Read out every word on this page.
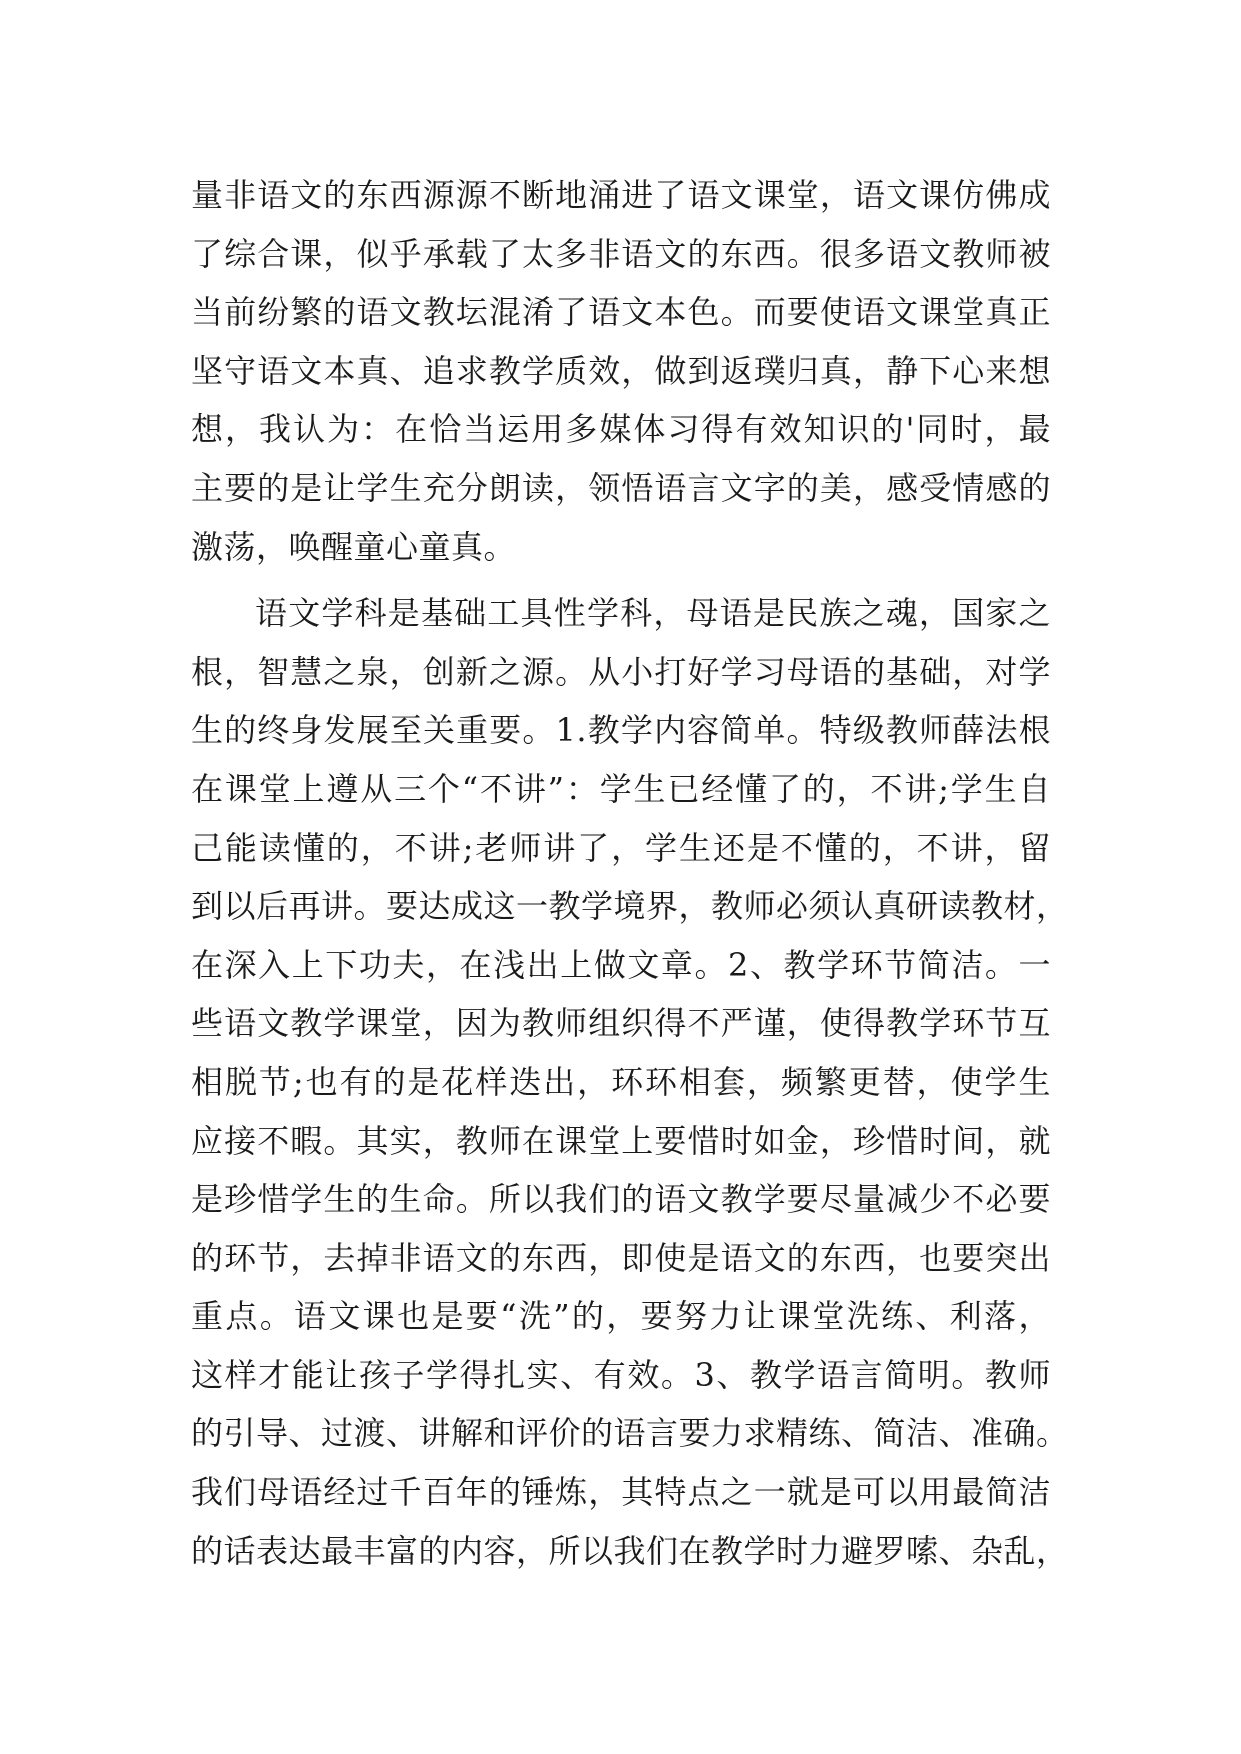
量非语文的东西源源不断地涌进了语文课堂，语文课仿佛成
了综合课，似乎承载了太多非语文的东西。很多语文教师被
当前纷繁的语文教坛混淆了语文本色。而要使语文课堂真正
坚守语文本真、追求教学质效，做到返璞归真，静下心来想
想，我认为：在恰当运用多媒体习得有效知识的'同时，最
主要的是让学生充分朗读，领悟语言文字的美，感受情感的
激荡，唤醒童心童真。
语文学科是基础工具性学科，母语是民族之魂，国家之
根，智慧之泉，创新之源。从小打好学习母语的基础，对学
生的终身发展至关重要。1.教学内容简单。特级教师薛法根
在课堂上遵从三个“不讲”：学生已经懂了的，不讲;学生自
己能读懂的，不讲;老师讲了，学生还是不懂的，不讲，留
到以后再讲。要达成这一教学境界，教师必须认真研读教材，
在深入上下功夫，在浅出上做文章。2、教学环节简洁。一
些语文教学课堂，因为教师组织得不严谨，使得教学环节互
相脱节;也有的是花样迭出，环环相套，频繁更替，使学生
应接不暇。其实，教师在课堂上要惜时如金，珍惜时间，就
是珍惜学生的生命。所以我们的语文教学要尽量减少不必要
的环节，去掉非语文的东西，即使是语文的东西，也要突出
重点。语文课也是要“洗”的，要努力让课堂洗练、利落，
这样才能让孩子学得扎实、有效。3、教学语言简明。教师
的引导、过渡、讲解和评价的语言要力求精练、简洁、准确。
我们母语经过千百年的锤炼，其特点之一就是可以用最简洁
的话表达最丰富的内容，所以我们在教学时力避罗嗦、杂乱，
